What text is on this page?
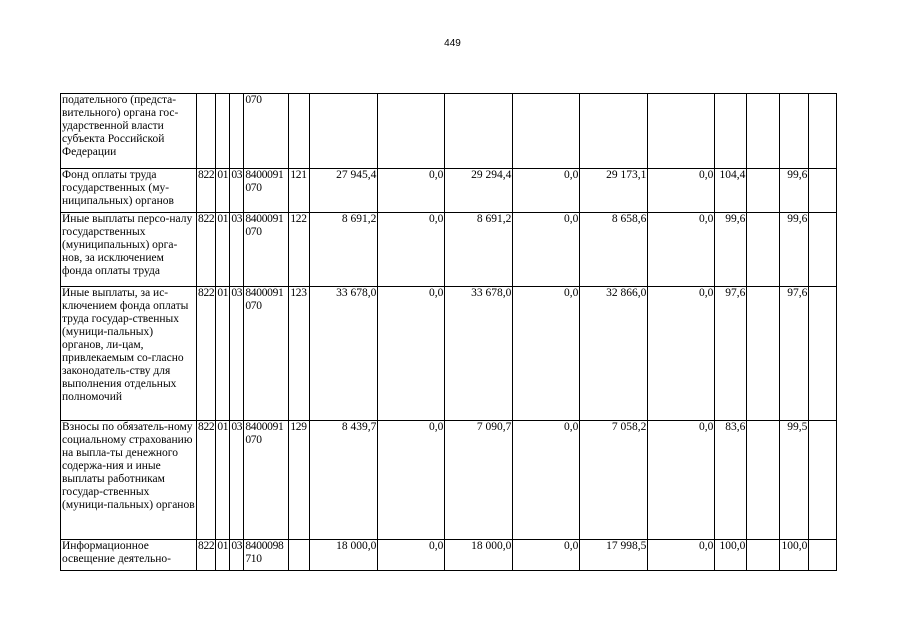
449
подательного (предста-вительного) органа гос-ударственной власти субъекта Российской Федерации				070											
Фонд оплаты труда государственных (му-ниципальных) органов	822	01	03	8400091070	121	27 945,4	0,0	29 294,4	0,0	29 173,1	0,0	104,4		99,6	
Иные выплаты персо-налу государственных (муниципальных) орга-нов, за исключением фонда оплаты труда	822	01	03	8400091070	122	8 691,2	0,0	8 691,2	0,0	8 658,6	0,0	99,6		99,6	
Иные выплаты, за ис-ключением фонда оплаты труда государ-ственных (муници-пальных) органов, ли-цам, привлекаемым со-гласно законодатель-ству для выполнения отдельных полномочий	822	01	03	8400091070	123	33 678,0	0,0	33 678,0	0,0	32 866,0	0,0	97,6		97,6	
Взносы по обязатель-ному социальному страхованию на выпла-ты денежного содержа-ния и иные выплаты работникам государ-ственных (муници-пальных) органов	822	01	03	8400091070	129	8 439,7	0,0	7 090,7	0,0	7 058,2	0,0	83,6		99,5	
Информационное освещение деятельно-	822	01	03	8400098710		18 000,0	0,0	18 000,0	0,0	17 998,5	0,0	100,0		100,0	
